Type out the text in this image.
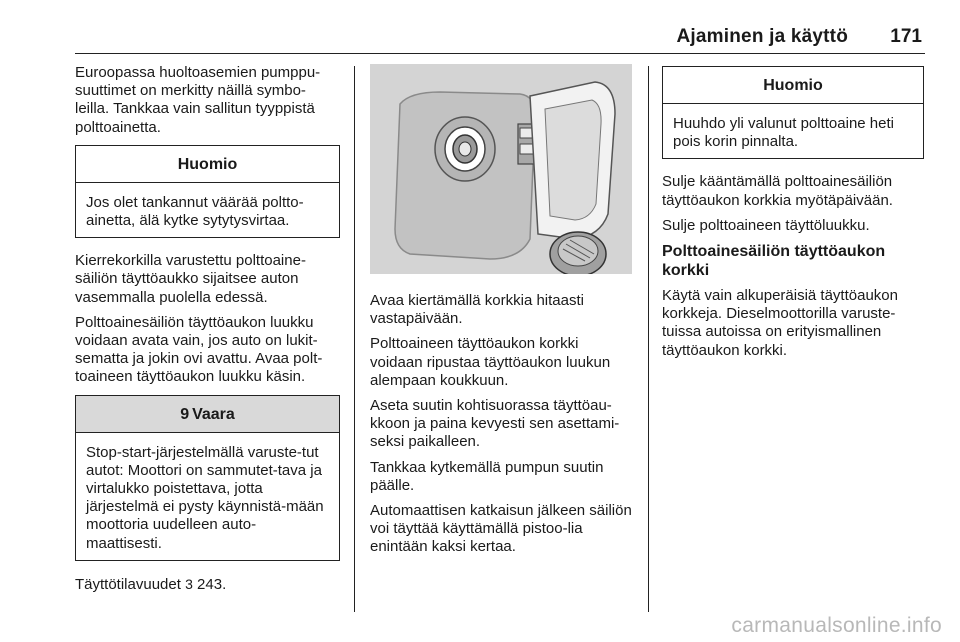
Ajaminen ja käyttö 171

Euroopassa huoltoasemien pumppu-suuttimet on merkitty näillä symbo-leilla. Tankkaa vain sallitun tyyppistä polttoainetta.

Huomio

Jos olet tankannut väärää poltto-ainetta, älä kytke sytytysvirtaa.

Kierrekorkilla varustettu polttoaine-säiliön täyttöaukko sijaitsee auton vasemmalla puolella edessä.

Polttoainesäiliön täyttöaukon luukku voidaan avata vain, jos auto on lukit-sematta ja jokin ovi avattu. Avaa polt-toaineen täyttöaukon luukku käsin.

9 Vaara

Stop-start-järjestelmällä varuste-tut autot: Moottori on sammutet-tava ja virtalukko poistettava, jotta järjestelmä ei pysty käynnistä-mään moottoria uudelleen auto-maattisesti.

Täyttötilavuudet 3 243.

Avaa kiertämällä korkkia hitaasti vastapäivään.

Polttoaineen täyttöaukon korkki voidaan ripustaa täyttöaukon luukun alempaan koukkuun.

Aseta suutin kohtisuorassa täyttöau-kkoon ja paina kevyesti sen asettami-seksi paikalleen.

Tankkaa kytkemällä pumpun suutin päälle.

Automaattisen katkaisun jälkeen säiliön voi täyttää käyttämällä pistoo-lia enintään kaksi kertaa.

Huomio

Huuhdo yli valunut polttoaine heti pois korin pinnalta.

Sulje kääntämällä polttoainesäiliön täyttöaukon korkkia myötäpäivään.

Sulje polttoaineen täyttöluukku.

Polttoainesäiliön täyttöaukon korkki

Käytä vain alkuperäisiä täyttöaukon korkkeja. Dieselmoottorilla varuste-tuissa autoissa on erityismallinen täyttöaukon korkki.

carmanualsonline.info
